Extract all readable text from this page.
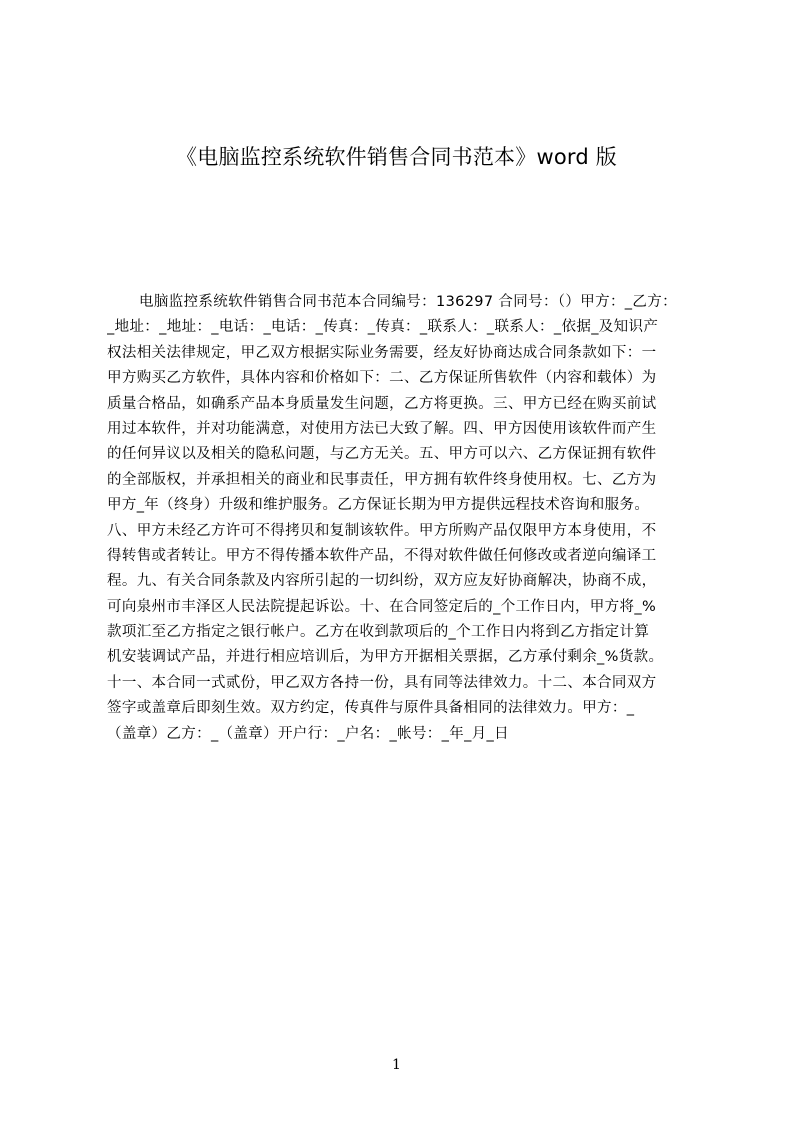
《电脑监控系统软件销售合同书范本》word 版
电脑监控系统软件销售合同书范本合同编号：136297 合同号：（）甲方：_乙方：
_地址：_地址：_电话：_电话：_传真：_传真：_联系人：_联系人：_依据_及知识产
权法相关法律规定，甲乙双方根据实际业务需要，经友好协商达成合同条款如下：一
甲方购买乙方软件，具体内容和价格如下：二、乙方保证所售软件（内容和载体）为
质量合格品，如确系产品本身质量发生问题，乙方将更换。三、甲方已经在购买前试
用过本软件，并对功能满意，对使用方法已大致了解。四、甲方因使用该软件而产生
的任何异议以及相关的隐私问题，与乙方无关。五、甲方可以六、乙方保证拥有软件
的全部版权，并承担相关的商业和民事责任，甲方拥有软件终身使用权。七、乙方为
甲方_年（终身）升级和维护服务。乙方保证长期为甲方提供远程技术咨询和服务。
八、甲方未经乙方许可不得拷贝和复制该软件。甲方所购产品仅限甲方本身使用，不
得转售或者转让。甲方不得传播本软件产品，不得对软件做任何修改或者逆向编译工
程。九、有关合同条款及内容所引起的一切纠纷，双方应友好协商解决，协商不成，
可向泉州市丰泽区人民法院提起诉讼。十、在合同签定后的_个工作日内，甲方将_%
款项汇至乙方指定之银行帐户。乙方在收到款项后的_个工作日内将到乙方指定计算
机安装调试产品，并进行相应培训后，为甲方开据相关票据，乙方承付剩余_%货款。
十一、本合同一式贰份，甲乙双方各持一份，具有同等法律效力。十二、本合同双方
签字或盖章后即刻生效。双方约定，传真件与原件具备相同的法律效力。甲方：_
（盖章）乙方：_（盖章）开户行：_户名：_帐号：_年_月_日
1
